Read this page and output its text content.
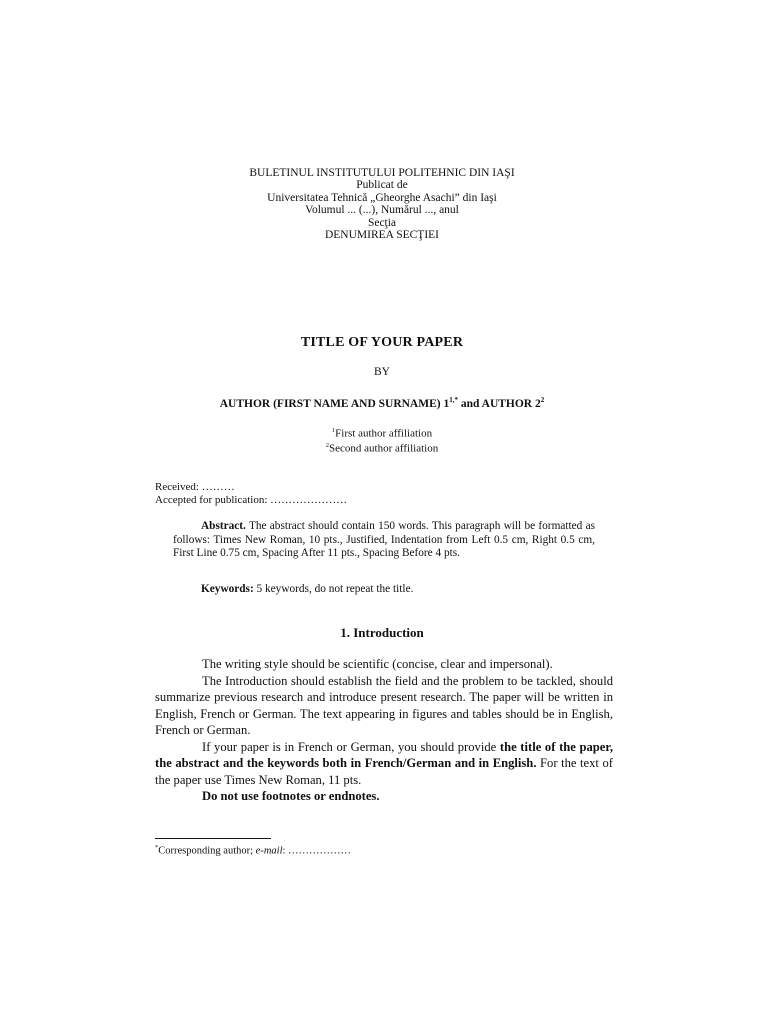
BULETINUL INSTITUTULUI POLITEHNIC DIN IAŞI
Publicat de
Universitatea Tehnică „Gheorghe Asachi” din Iaşi
Volumul ... (...), Numărul ..., anul
Secţia
DENUMIREA SECŢIEI
TITLE OF YOUR PAPER
BY
AUTHOR (FIRST NAME AND SURNAME) $1^{1,*}$ and AUTHOR $2^2$
$^1$First author affiliation
$^2$Second author affiliation
Received: ………
Accepted for publication: …………………
Abstract. The abstract should contain 150 words. This paragraph will be formatted as follows: Times New Roman, 10 pts., Justified, Indentation from Left 0.5 cm, Right 0.5 cm, First Line 0.75 cm, Spacing After 11 pts., Spacing Before 4 pts.
Keywords: 5 keywords, do not repeat the title.
1. Introduction

The writing style should be scientific (concise, clear and impersonal).

The Introduction should establish the field and the problem to be tackled, should summarize previous research and introduce present research. The paper will be written in English, French or German. The text appearing in figures and tables should be in English, French or German.

If your paper is in French or German, you should provide the title of the paper, the abstract and the keywords both in French/German and in English. For the text of the paper use Times New Roman, 11 pts.

Do not use footnotes or endnotes.

*Corresponding author; e-mail: ………………
